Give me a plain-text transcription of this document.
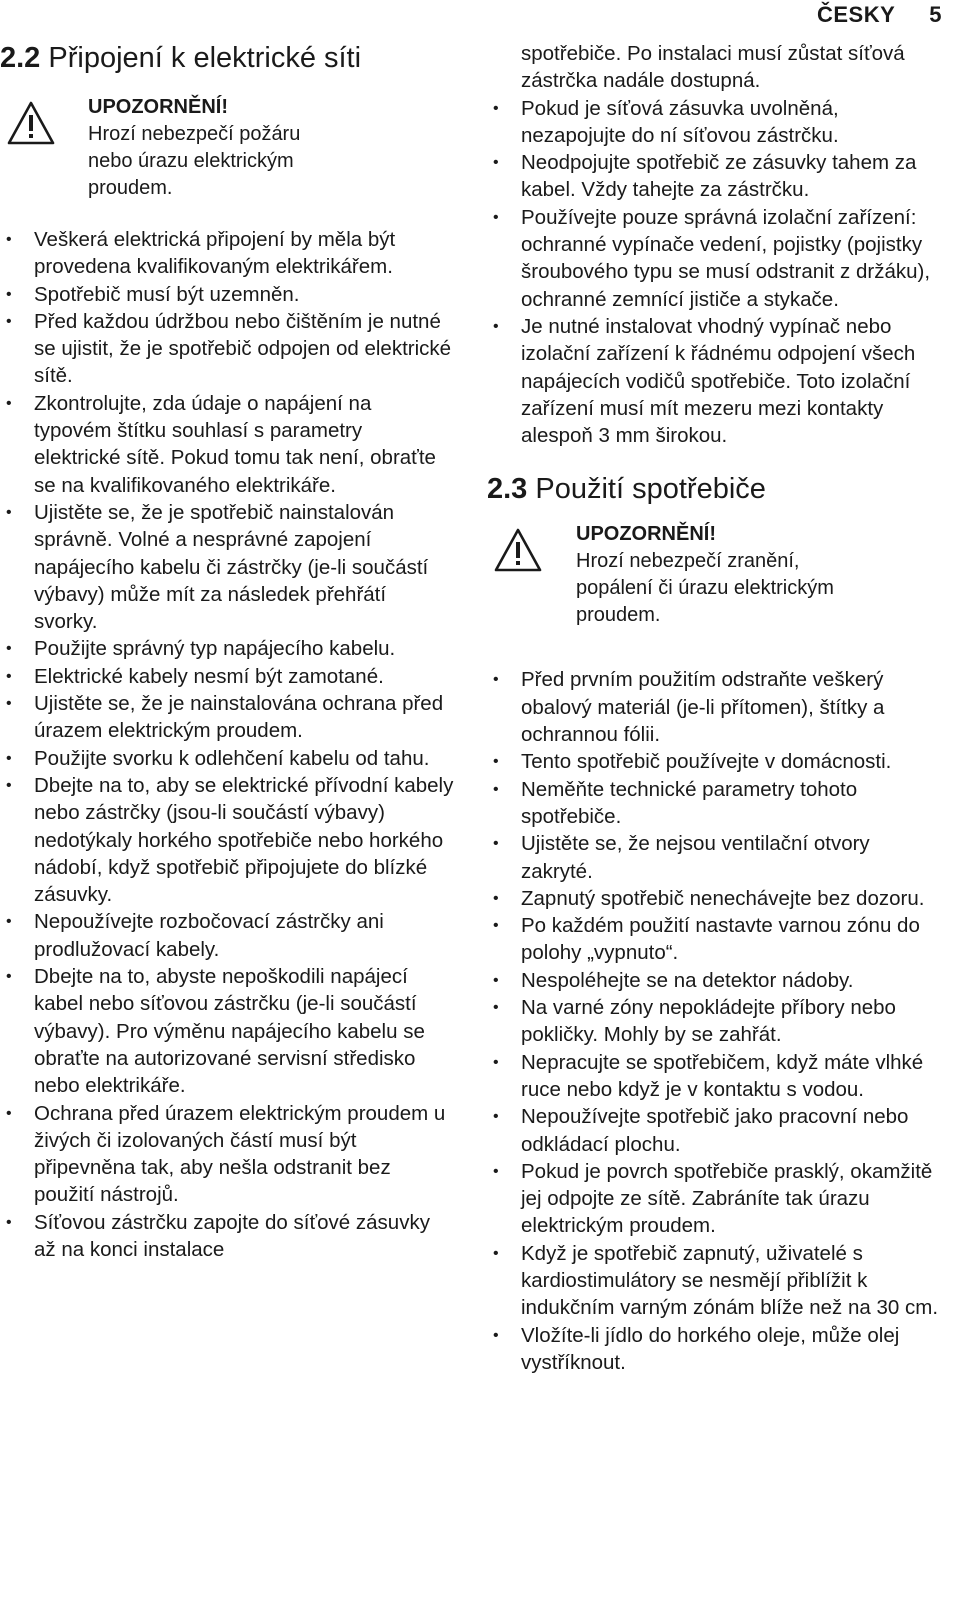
ČESKY 5
2.2 Připojení k elektrické síti
UPOZORNĚNÍ!
Hrozí nebezpečí požáru nebo úrazu elektrickým proudem.
• Veškerá elektrická připojení by měla být provedena kvalifikovaným elektrikářem.
• Spotřebič musí být uzemněn.
• Před každou údržbou nebo čištěním je nutné se ujistit, že je spotřebič odpojen od elektrické sítě.
• Zkontrolujte, zda údaje o napájení na typovém štítku souhlasí s parametry elektrické sítě. Pokud tomu tak není, obraťte se na kvalifikovaného elektrikáře.
• Ujistěte se, že je spotřebič nainstalován správně. Volné a nesprávné zapojení napájecího kabelu či zástrčky (je-li součástí výbavy) může mít za následek přehřátí svorky.
• Použijte správný typ napájecího kabelu.
• Elektrické kabely nesmí být zamotané.
• Ujistěte se, že je nainstalována ochrana před úrazem elektrickým proudem.
• Použijte svorku k odlehčení kabelu od tahu.
• Dbejte na to, aby se elektrické přívodní kabely nebo zástrčky (jsou-li součástí výbavy) nedotýkaly horkého spotřebiče nebo horkého nádobí, když spotřebič připojujete do blízké zásuvky.
• Nepoužívejte rozbočovací zástrčky ani prodlužovací kabely.
• Dbejte na to, abyste nepoškodili napájecí kabel nebo síťovou zástrčku (je-li součástí výbavy). Pro výměnu napájecího kabelu se obraťte na autorizované servisní středisko nebo elektrikáře.
• Ochrana před úrazem elektrickým proudem u živých či izolovaných částí musí být připevněna tak, aby nešla odstranit bez použití nástrojů.
• Síťovou zástrčku zapojte do síťové zásuvky až na konci instalace
spotřebiče. Po instalaci musí zůstat síťová zástrčka nadále dostupná.
• Pokud je síťová zásuvka uvolněná, nezapojujte do ní síťovou zástrčku.
• Neodpojujte spotřebič ze zásuvky tahem za kabel. Vždy tahejte za zástrčku.
• Používejte pouze správná izolační zařízení: ochranné vypínače vedení, pojistky (pojistky šroubového typu se musí odstranit z držáku), ochranné zemnící jističe a stykače.
• Je nutné instalovat vhodný vypínač nebo izolační zařízení k řádnému odpojení všech napájecích vodičů spotřebiče. Toto izolační zařízení musí mít mezeru mezi kontakty alespoň 3 mm širokou.
2.3 Použití spotřebiče
UPOZORNĚNÍ!
Hrozí nebezpečí zranění, popálení či úrazu elektrickým proudem.
• Před prvním použitím odstraňte veškerý obalový materiál (je-li přítomen), štítky a ochrannou fólii.
• Tento spotřebič používejte v domácnosti.
• Neměňte technické parametry tohoto spotřebiče.
• Ujistěte se, že nejsou ventilační otvory zakryté.
• Zapnutý spotřebič nenechávejte bez dozoru.
• Po každém použití nastavte varnou zónu do polohy „vypnuto“.
• Nespoléhejte se na detektor nádoby.
• Na varné zóny nepokládejte příbory nebo pokličky. Mohly by se zahřát.
• Nepracujte se spotřebičem, když máte vlhké ruce nebo když je v kontaktu s vodou.
• Nepoužívejte spotřebič jako pracovní nebo odkládací plochu.
• Pokud je povrch spotřebiče prasklý, okamžitě jej odpojte ze sítě. Zabráníte tak úrazu elektrickým proudem.
• Když je spotřebič zapnutý, uživatelé s kardiostimulátory se nesmějí přiblížit k indukčním varným zónám blíže než na 30 cm.
• Vložíte-li jídlo do horkého oleje, může olej vystříknout.
